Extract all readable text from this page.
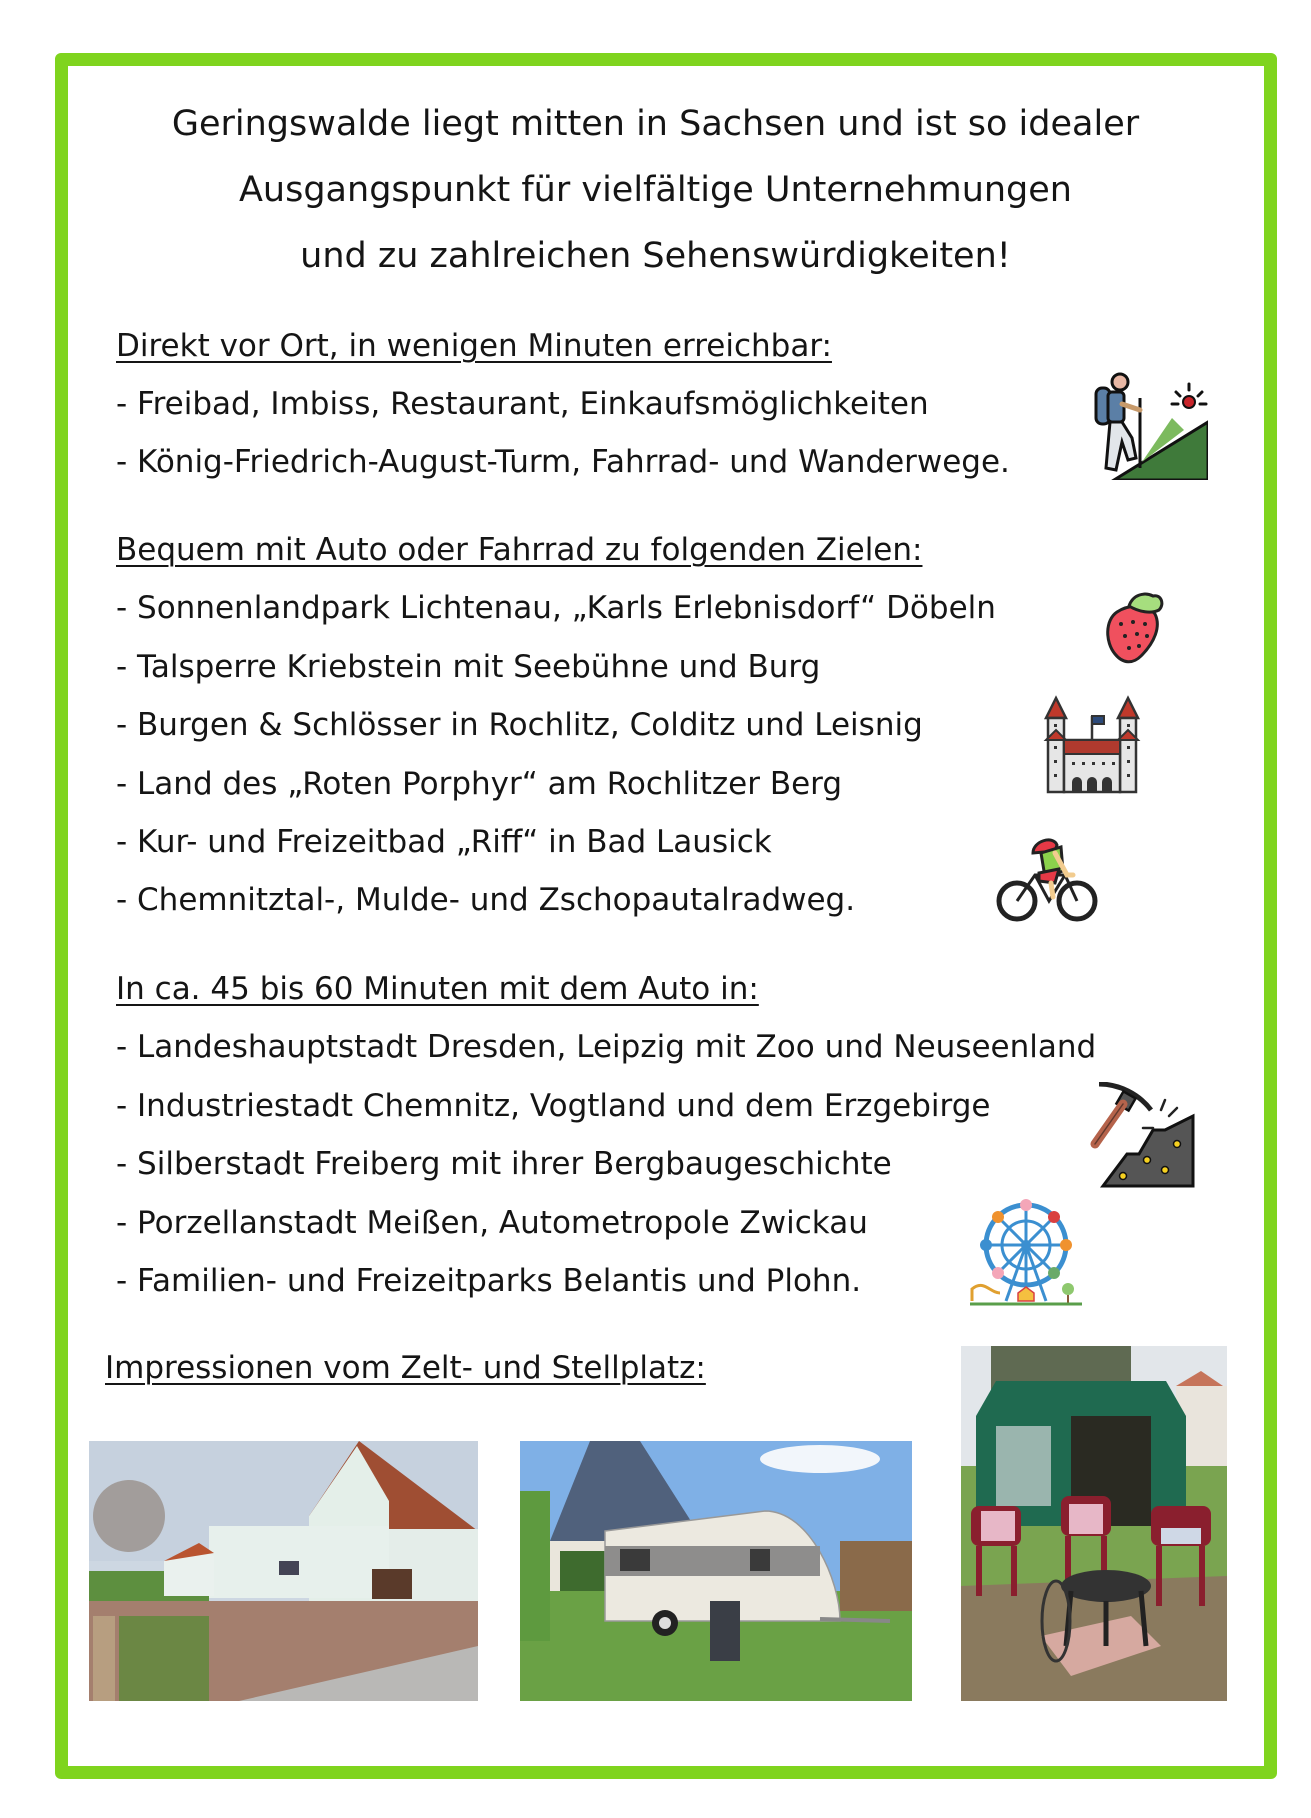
Geringswalde liegt mitten in Sachsen und ist so idealer
Ausgangspunkt für vielfältige Unternehmungen
und zu zahlreichen Sehenswürdigkeiten!
Direkt vor Ort, in wenigen Minuten erreichbar:
- Freibad, Imbiss, Restaurant, Einkaufsmöglichkeiten
- König-Friedrich-August-Turm, Fahrrad- und Wanderwege.
Bequem mit Auto oder Fahrrad zu folgenden Zielen:
- Sonnenlandpark Lichtenau, „Karls Erlebnisdorf“ Döbeln
- Talsperre Kriebstein mit Seebühne und Burg
- Burgen & Schlösser in Rochlitz, Colditz und Leisnig
- Land des „Roten Porphyr“ am Rochlitzer Berg
- Kur- und Freizeitbad „Riff“ in Bad Lausick
- Chemnitztal-, Mulde- und Zschopautalradweg.
In ca. 45 bis 60 Minuten mit dem Auto in:
- Landeshauptstadt Dresden, Leipzig mit Zoo und Neuseenland
- Industriestadt Chemnitz, Vogtland und dem Erzgebirge
- Silberstadt Freiberg mit ihrer Bergbaugeschichte
- Porzellanstadt Meißen, Autometropole Zwickau
- Familien- und Freizeitparks Belantis und Plohn.
Impressionen vom Zelt- und Stellplatz:
